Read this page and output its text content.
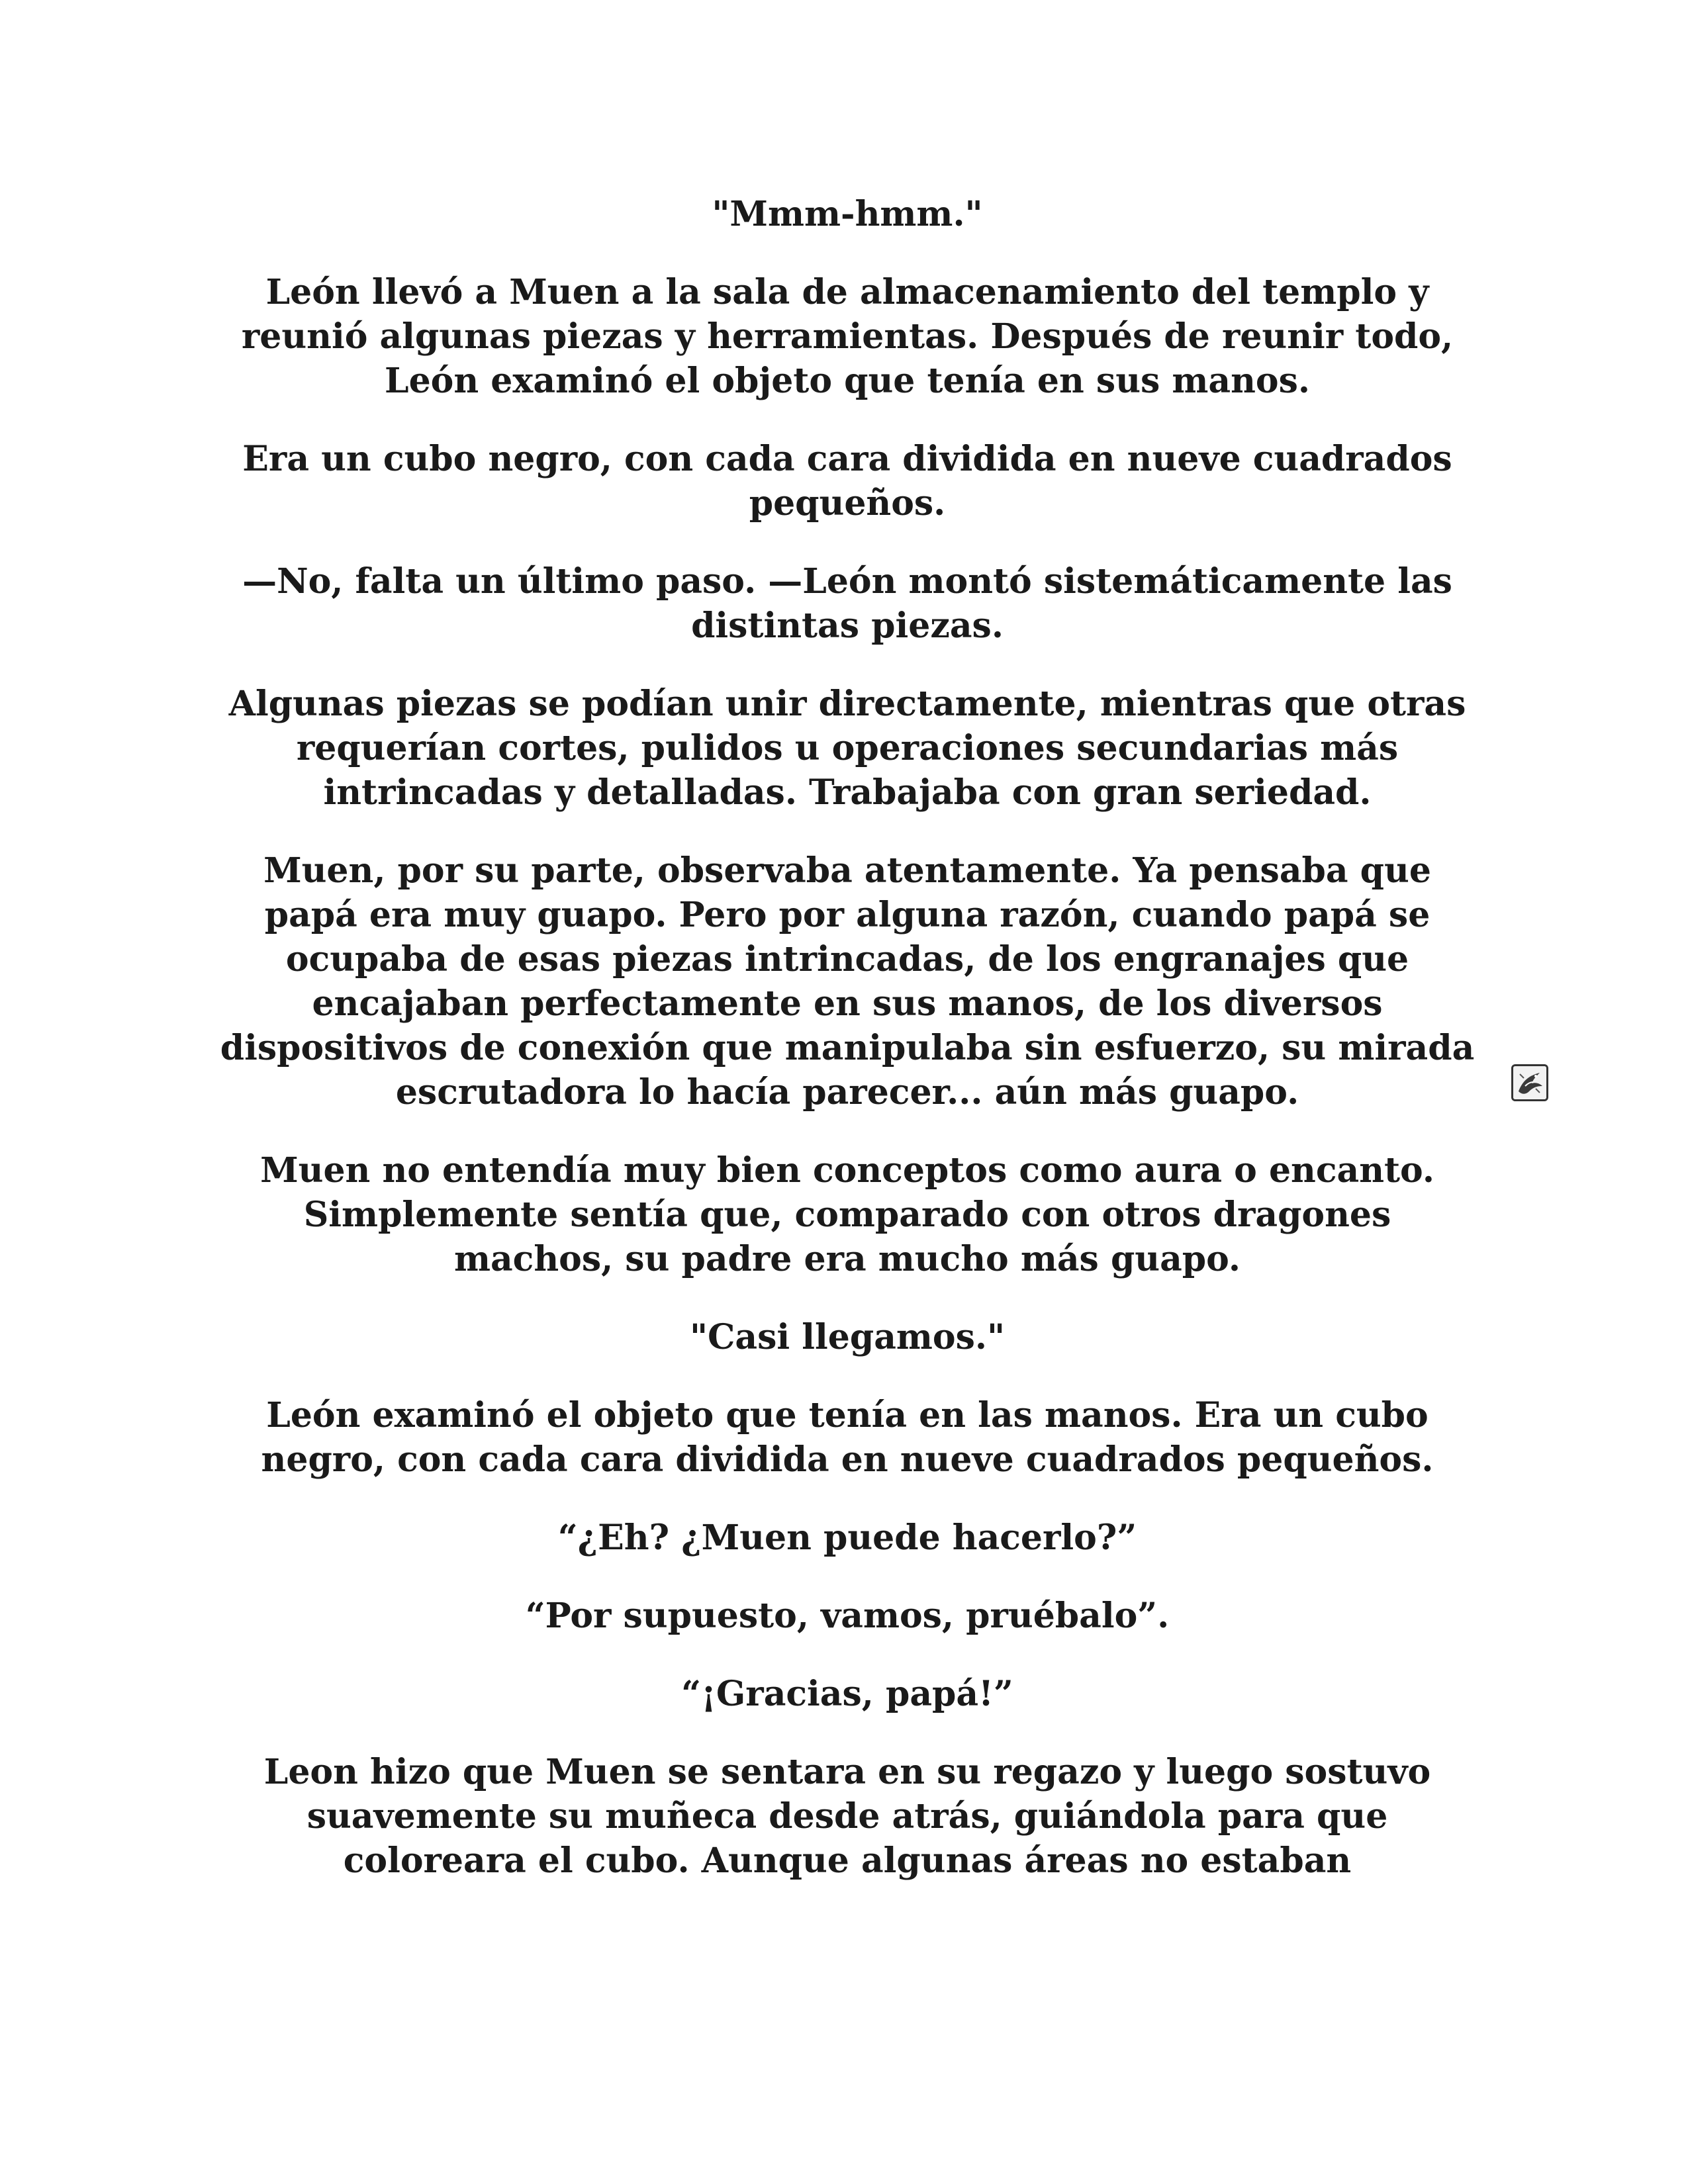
"Mmm-hmm."

León llevó a Muen a la sala de almacenamiento del templo y reunió algunas piezas y herramientas. Después de reunir todo, León examinó el objeto que tenía en sus manos.

Era un cubo negro, con cada cara dividida en nueve cuadrados pequeños.

—No, falta un último paso. —León montó sistemáticamente las distintas piezas.

Algunas piezas se podían unir directamente, mientras que otras requerían cortes, pulidos u operaciones secundarias más intrincadas y detalladas. Trabajaba con gran seriedad.

Muen, por su parte, observaba atentamente. Ya pensaba que papá era muy guapo. Pero por alguna razón, cuando papá se ocupaba de esas piezas intrincadas, de los engranajes que encajaban perfectamente en sus manos, de los diversos dispositivos de conexión que manipulaba sin esfuerzo, su mirada escrutadora lo hacía parecer... aún más guapo.

Muen no entendía muy bien conceptos como aura o encanto. Simplemente sentía que, comparado con otros dragones machos, su padre era mucho más guapo.

"Casi llegamos."

León examinó el objeto que tenía en las manos. Era un cubo negro, con cada cara dividida en nueve cuadrados pequeños.

“¿Eh? ¿Muen puede hacerlo?”

“Por supuesto, vamos, pruébalo”.

“¡Gracias, papá!”

Leon hizo que Muen se sentara en su regazo y luego sostuvo suavemente su muñeca desde atrás, guiándola para que coloreara el cubo. Aunque algunas áreas no estaban
